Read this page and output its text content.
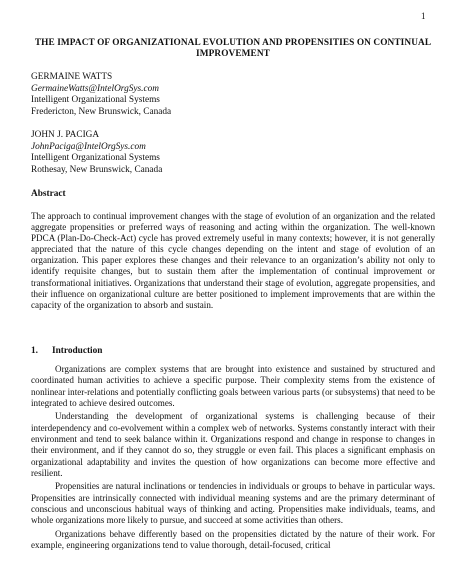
1
THE IMPACT OF ORGANIZATIONAL EVOLUTION AND PROPENSITIES ON CONTINUAL IMPROVEMENT
GERMAINE WATTS
GermaineWatts@IntelOrgSys.com
Intelligent Organizational Systems
Fredericton, New Brunswick, Canada
JOHN J. PACIGA
JohnPaciga@IntelOrgSys.com
Intelligent Organizational Systems
Rothesay, New Brunswick, Canada
Abstract

The approach to continual improvement changes with the stage of evolution of an organization and the related aggregate propensities or preferred ways of reasoning and acting within the organization. The well-known PDCA (Plan-Do-Check-Act) cycle has proved extremely useful in many contexts; however, it is not generally appreciated that the nature of this cycle changes depending on the intent and stage of evolution of an organization. This paper explores these changes and their relevance to an organization’s ability not only to identify requisite changes, but to sustain them after the implementation of continual improvement or transformational initiatives. Organizations that understand their stage of evolution, aggregate propensities, and their influence on organizational culture are better positioned to implement improvements that are within the capacity of the organization to absorb and sustain.

1. Introduction

Organizations are complex systems that are brought into existence and sustained by structured and coordinated human activities to achieve a specific purpose. Their complexity stems from the existence of nonlinear inter-relations and potentially conflicting goals between various parts (or subsystems) that need to be integrated to achieve desired outcomes.

Understanding the development of organizational systems is challenging because of their interdependency and co-evolvement within a complex web of networks. Systems constantly interact with their environment and tend to seek balance within it. Organizations respond and change in response to changes in their environment, and if they cannot do so, they struggle or even fail. This places a significant emphasis on organizational adaptability and invites the question of how organizations can become more effective and resilient.

Propensities are natural inclinations or tendencies in individuals or groups to behave in particular ways. Propensities are intrinsically connected with individual meaning systems and are the primary determinant of conscious and unconscious habitual ways of thinking and acting. Propensities make individuals, teams, and whole organizations more likely to pursue, and succeed at some activities than others.

Organizations behave differently based on the propensities dictated by the nature of their work. For example, engineering organizations tend to value thorough, detail-focused, critical
